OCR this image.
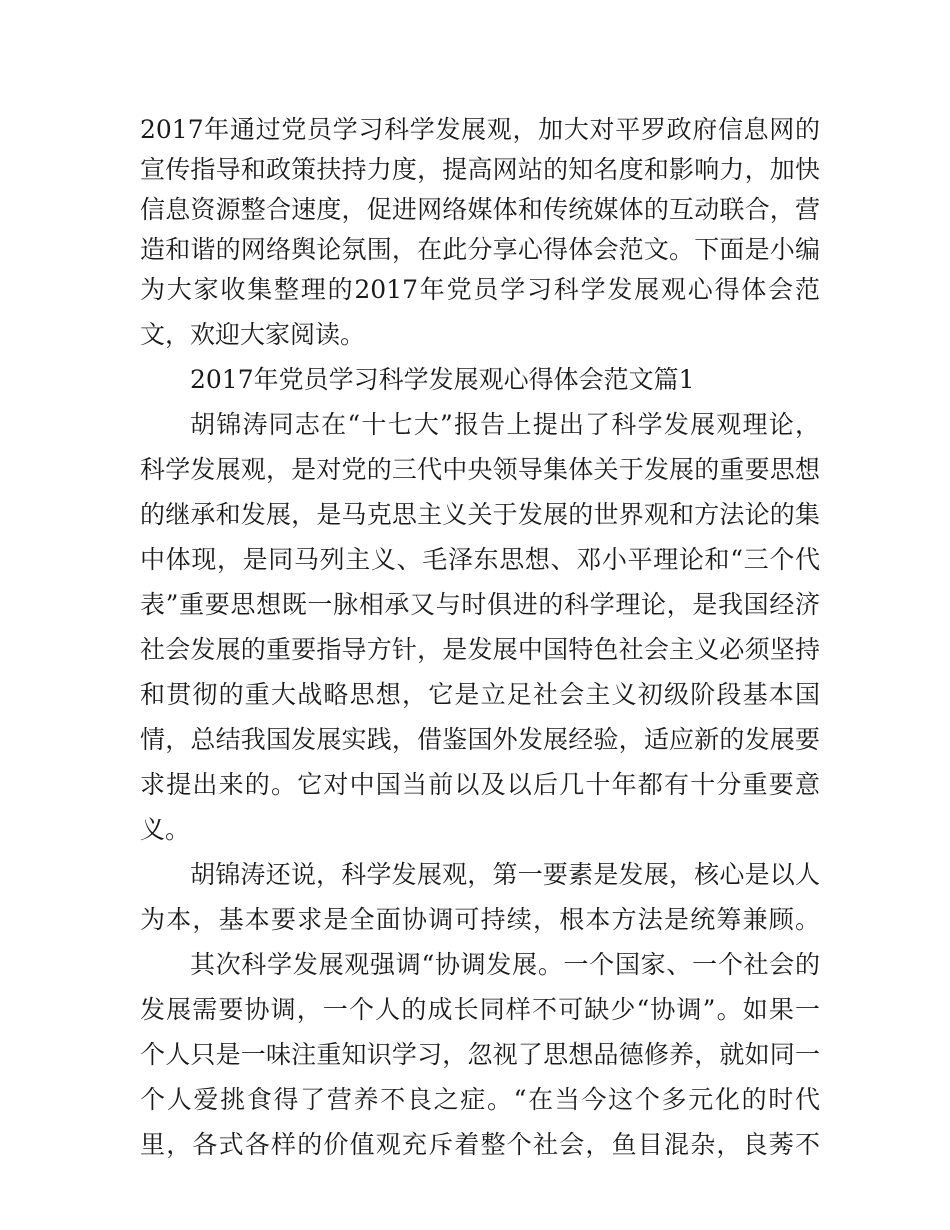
2017年通过党员学习科学发展观，加大对平罗政府信息网的
宣传指导和政策扶持力度，提高网站的知名度和影响力，加快
信息资源整合速度，促进网络媒体和传统媒体的互动联合，营
造和谐的网络舆论氛围，在此分享心得体会范文。下面是小编
为大家收集整理的2017年党员学习科学发展观心得体会范
文，欢迎大家阅读。
2017年党员学习科学发展观心得体会范文篇1
胡锦涛同志在“十七大”报告上提出了科学发展观理论，
科学发展观，是对党的三代中央领导集体关于发展的重要思想
的继承和发展，是马克思主义关于发展的世界观和方法论的集
中体现，是同马列主义、毛泽东思想、邓小平理论和“三个代
表”重要思想既一脉相承又与时俱进的科学理论，是我国经济
社会发展的重要指导方针，是发展中国特色社会主义必须坚持
和贯彻的重大战略思想，它是立足社会主义初级阶段基本国
情，总结我国发展实践，借鉴国外发展经验，适应新的发展要
求提出来的。它对中国当前以及以后几十年都有十分重要意
义。
胡锦涛还说，科学发展观，第一要素是发展，核心是以人
为本，基本要求是全面协调可持续，根本方法是统筹兼顾。
其次科学发展观强调“协调发展。一个国家、一个社会的
发展需要协调，一个人的成长同样不可缺少“协调”。如果一
个人只是一味注重知识学习，忽视了思想品德修养，就如同一
个人爱挑食得了营养不良之症。“在当今这个多元化的时代
里，各式各样的价值观充斥着整个社会，鱼目混杂，良莠不
